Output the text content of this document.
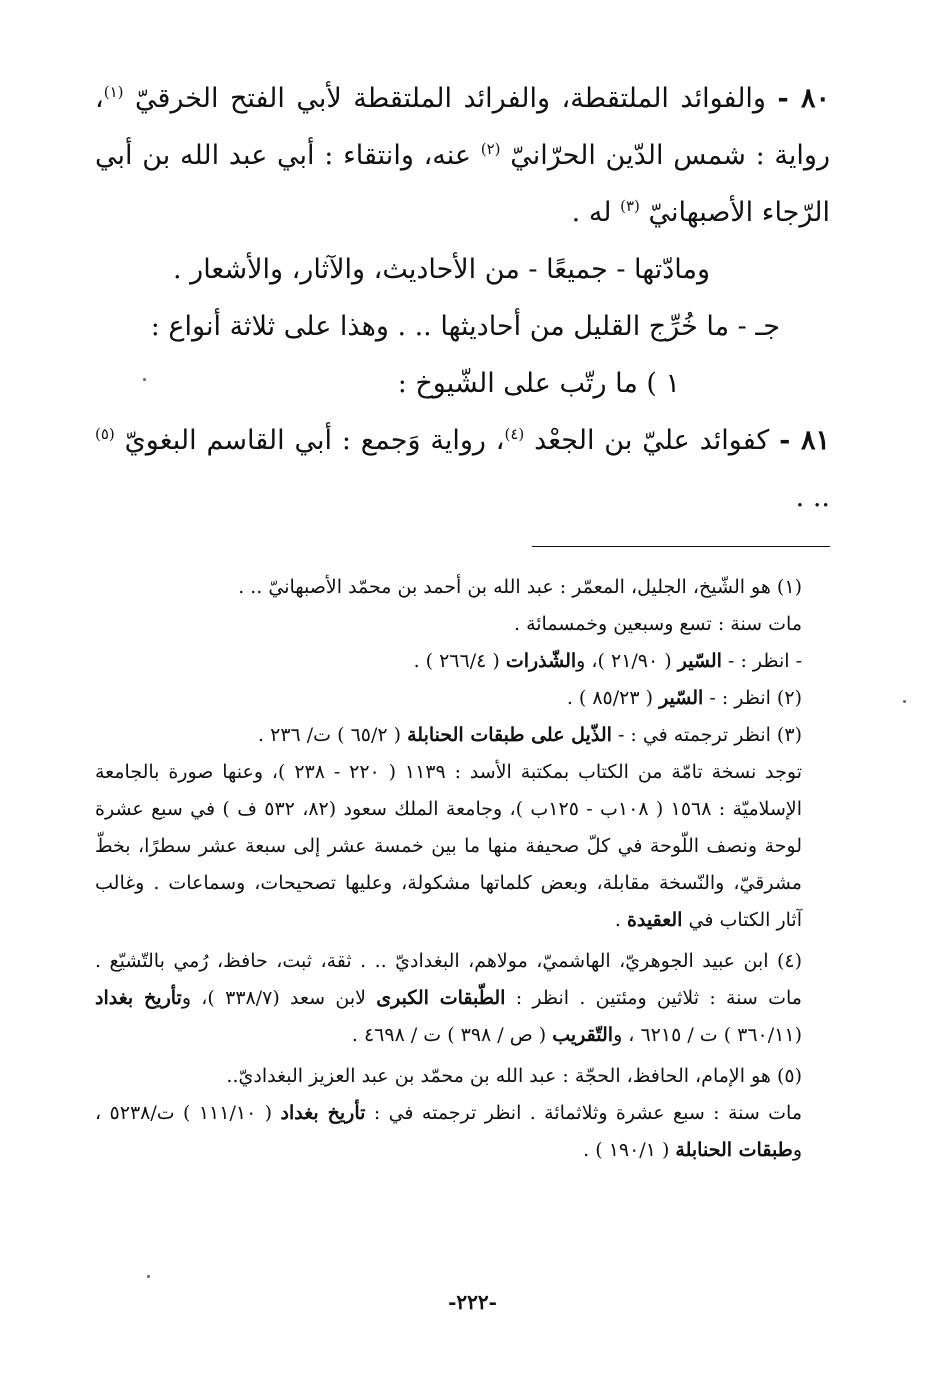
٨٠ - والفوائد الملتقطة، والفرائد الملتقطة لأبي الفتح الخرقيّ $^{(١)}$، رواية : شمس الدّين الحرّانيّ $^{(٢)}$ عنه، وانتقاء : أبي عبد الله بن أبي الرّجاء الأصبهانيّ $^{(٣)}$ له .

ومادّتها - جميعًا - من الأحاديث، والآثار، والأشعار .

جـ - ما خُرِّج القليل من أحاديثها .. . وهذا على ثلاثة أنواع :

١ ) ما رتّب على الشّيوخ :

٨١ - كفوائد عليّ بن الجعْد $^{(٤)}$، رواية وَجمع : أبي القاسم البغويّ $^{(٥)}$ .. .

(١) هو الشّيخ، الجليل، المعمّر : عبد الله بن أحمد بن محمّد الأصبهانيّ .. .

مات سنة : تسع وسبعين وخمسمائة .

- انظر : - السّير ( ٢١/٩٠ )، والشّذرات ( ٢٦٦/٤ ) .

(٢) انظر : - السّير ( ٨٥/٢٣ ) .

(٣) انظر ترجمته في : - الذّيل على طبقات الحنابلة ( ٦٥/٢ ) ت/ ٢٣٦ .

توجد نسخة تامّة من الكتاب بمكتبة الأسد : ١١٣٩ ( ٢٢٠ - ٢٣٨ )، وعنها صورة بالجامعة الإسلاميّة : ١٥٦٨ ( ١٠٨ب - ١٢٥ب )، وجامعة الملك سعود (٨٢، ٥٣٢ ف ) في سبع عشرة لوحة ونصف اللّوحة في كلّ صحيفة منها ما بين خمسة عشر إلى سبعة عشر سطرًا، بخطّ مشرقيّ، والنّسخة مقابلة، وبعض كلماتها مشكولة، وعليها تصحيحات، وسماعات . وغالب آثار الكتاب في العقيدة .

(٤) ابن عبيد الجوهريّ، الهاشميّ، مولاهم، البغداديّ .. . ثقة، ثبت، حافظ، رُمي بالتّشيّع . مات سنة : ثلاثين ومئتين . انظر : الطّبقات الكبرى لابن سعد (٣٣٨/٧ )، وتأريخ بغداد (٣٦٠/١١ ) ت / ٦٢١٥ ، والتّقريب ( ص / ٣٩٨ ) ت / ٤٦٩٨ .

(٥) هو الإمام، الحافظ، الحجّة : عبد الله بن محمّد بن عبد العزيز البغداديّ..

مات سنة : سبع عشرة وثلاثمائة . انظر ترجمته في : تأريخ بغداد ( ١١١/١٠ ) ت/٥٢٣٨ ، وطبقات الحنابلة ( ١٩٠/١ ) .

-٢٢٢-
